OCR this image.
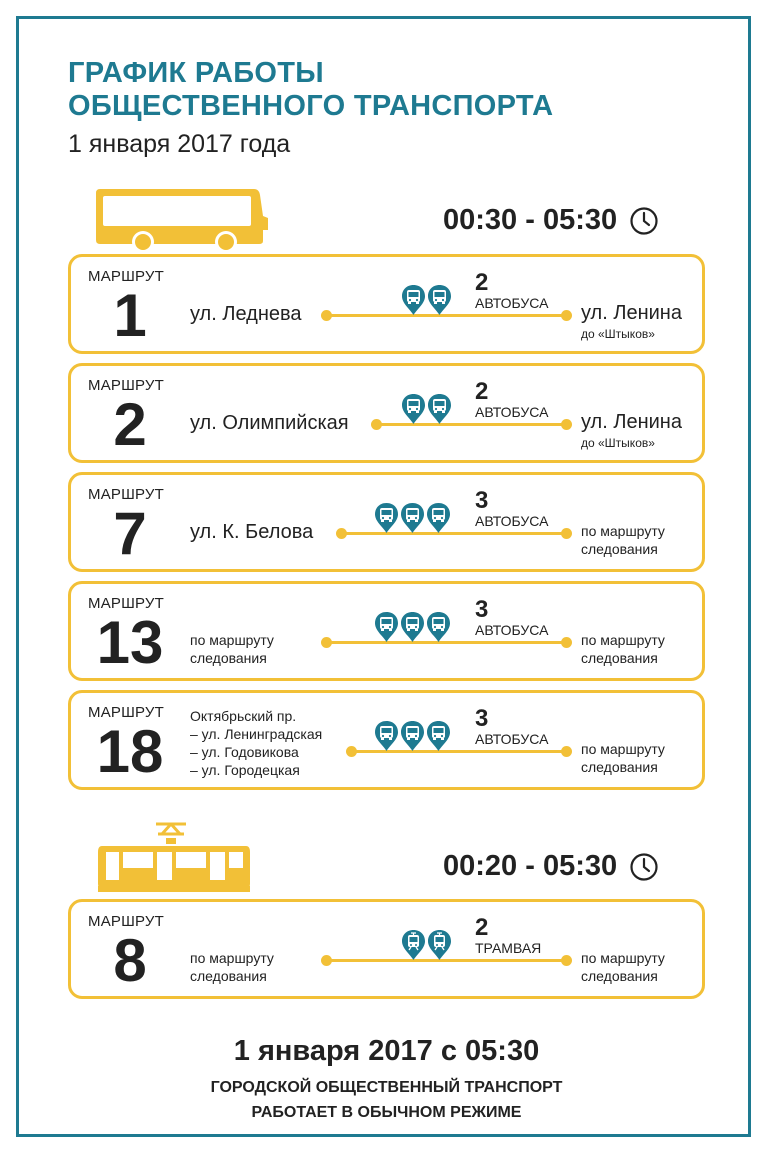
ГРАФИК РАБОТЫ
ОБЩЕСТВЕННОГО ТРАНСПОРТА
1 января 2017 года
00:30 - 05:30
МАРШРУТ
1	ул. Леднева
2
АВТОБУСА ул. Ленина
до «Штыков»
МАРШРУТ
2	ул. Олимпийская
2
АВТОБУСА ул. Ленина
до «Штыков»
МАРШРУТ
7	ул. К. Белова
3
АВТОБУСА
по маршруту
следования
МАРШРУТ
13	по маршруту
следования
3
АВТОБУСА
по маршруту
следования
МАРШРУТ
18
Октябрьский пр.
– ул. Ленинградская
– ул. Годовикова
– ул. Городецкая
3
АВТОБУСА
по маршруту
следования
МАРШРУТ
8	по маршруту
следования
2
ТРАМВАЯ
по маршруту
следования
00:20 - 05:30
1 января 2017 с 05:30
ГОРОДСКОЙ ОБЩЕСТВЕННЫЙ ТРАНСПОРТ
РАБОТАЕТ В ОБЫЧНОМ РЕЖИМЕ
